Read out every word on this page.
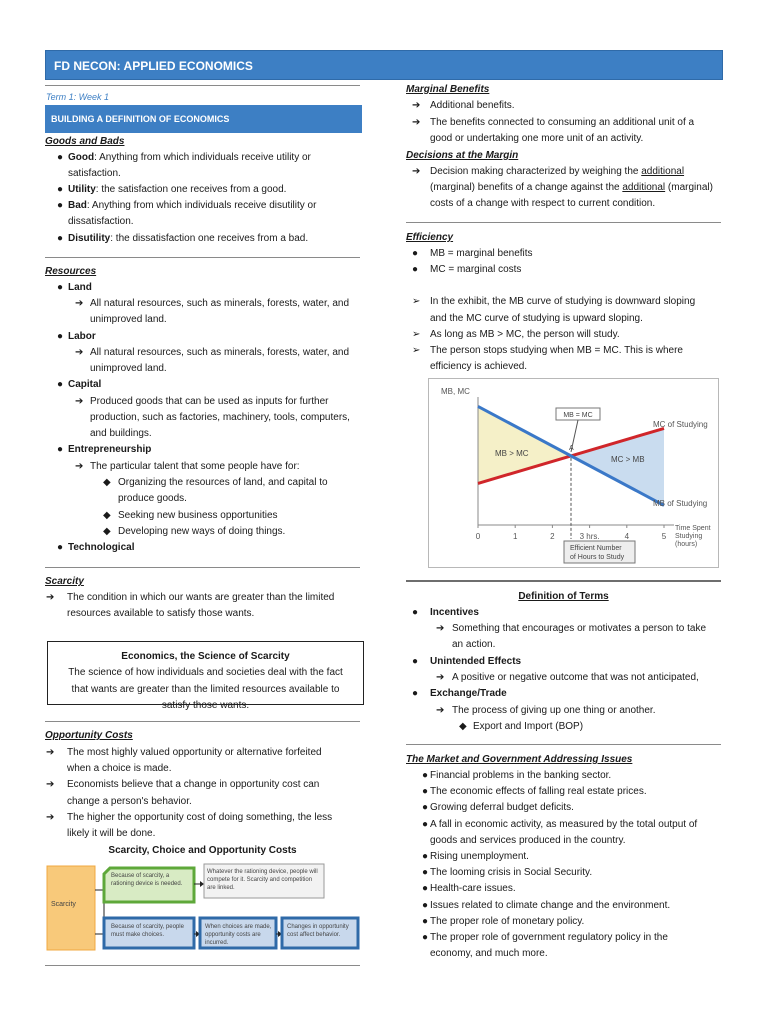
FD NECON: APPLIED ECONOMICS
Term 1: Week 1
BUILDING A DEFINITION OF ECONOMICS
Goods and Bads
● Good: Anything from which individuals receive utility or
satisfaction.
● Utility: the satisfaction one receives from a good.
● Bad: Anything from which individuals receive disutility or
dissatisfaction.
● Disutility: the dissatisfaction one receives from a bad.
Resources
● Land
➔ All natural resources, such as minerals, forests, water, and
unimproved land.
● Labor
➔ All natural resources, such as minerals, forests, water, and
unimproved land.
● Capital
➔ Produced goods that can be used as inputs for further
production, such as factories, machinery, tools, computers,
and buildings.
● Entrepreneurship
➔ The particular talent that some people have for:
◆ Organizing the resources of land, and capital to
produce goods.
◆ Seeking new business opportunities
◆ Developing new ways of doing things.
● Technological
Scarcity
➔ The condition in which our wants are greater than the limited
resources available to satisfy those wants.
Economics, the Science of Scarcity
The science of how individuals and societies deal with the fact
that wants are greater than the limited resources available to
satisfy those wants.
Opportunity Costs
➔ The most highly valued opportunity or alternative forfeited
when a choice is made.
➔ Economists believe that a change in opportunity cost can
change a person's behavior.
➔ The higher the opportunity cost of doing something, the less
likely it will be done.
Scarcity, Choice and Opportunity Costs
Scarcity
Because of scarcity, a rationing device is needed.
Whatever the rationing device, people will compete for it. Scarcity and competition are linked.
Because of scarcity, people must make choices.
When choices are made, opportunity costs are incurred.
Changes in opportunity cost affect behavior.
Marginal Benefits
➔ Additional benefits.
➔ The benefits connected to consuming an additional unit of a
good or undertaking one more unit of an activity.
Decisions at the Margin
➔ Decision making characterized by weighing the additional
(marginal) benefits of a change against the additional (marginal)
costs of a change with respect to current condition.
Efficiency
● MB = marginal benefits
● MC = marginal costs
➢ In the exhibit, the MB curve of studying is downward sloping
and the MC curve of studying is upward sloping.
➢ As long as MB > MC, the person will study.
➢ The person stops studying when MB = MC. This is where
efficiency is achieved.
0	1	2	3 hrs.	4	5
MB, MC
MC of Studying
MB of Studying
MB > MC
MC > MB
MB = MC
A
Time Spent
Studying
(hours)
Efficient Number
of Hours to Study
Definition of Terms
● Incentives
➔ Something that encourages or motivates a person to take
an action.
● Unintended Effects
➔ A positive or negative outcome that was not anticipated,
● Exchange/Trade
➔ The process of giving up one thing or another.
◆ Export and Import (BOP)
The Market and Government Addressing Issues
● Financial problems in the banking sector.
● The economic effects of falling real estate prices.
● Growing deferral budget deficits.
● A fall in economic activity, as measured by the total output of
goods and services produced in the country.
● Rising unemployment.
● The looming crisis in Social Security.
● Health-care issues.
● Issues related to climate change and the environment.
● The proper role of monetary policy.
● The proper role of government regulatory policy in the
economy, and much more.
